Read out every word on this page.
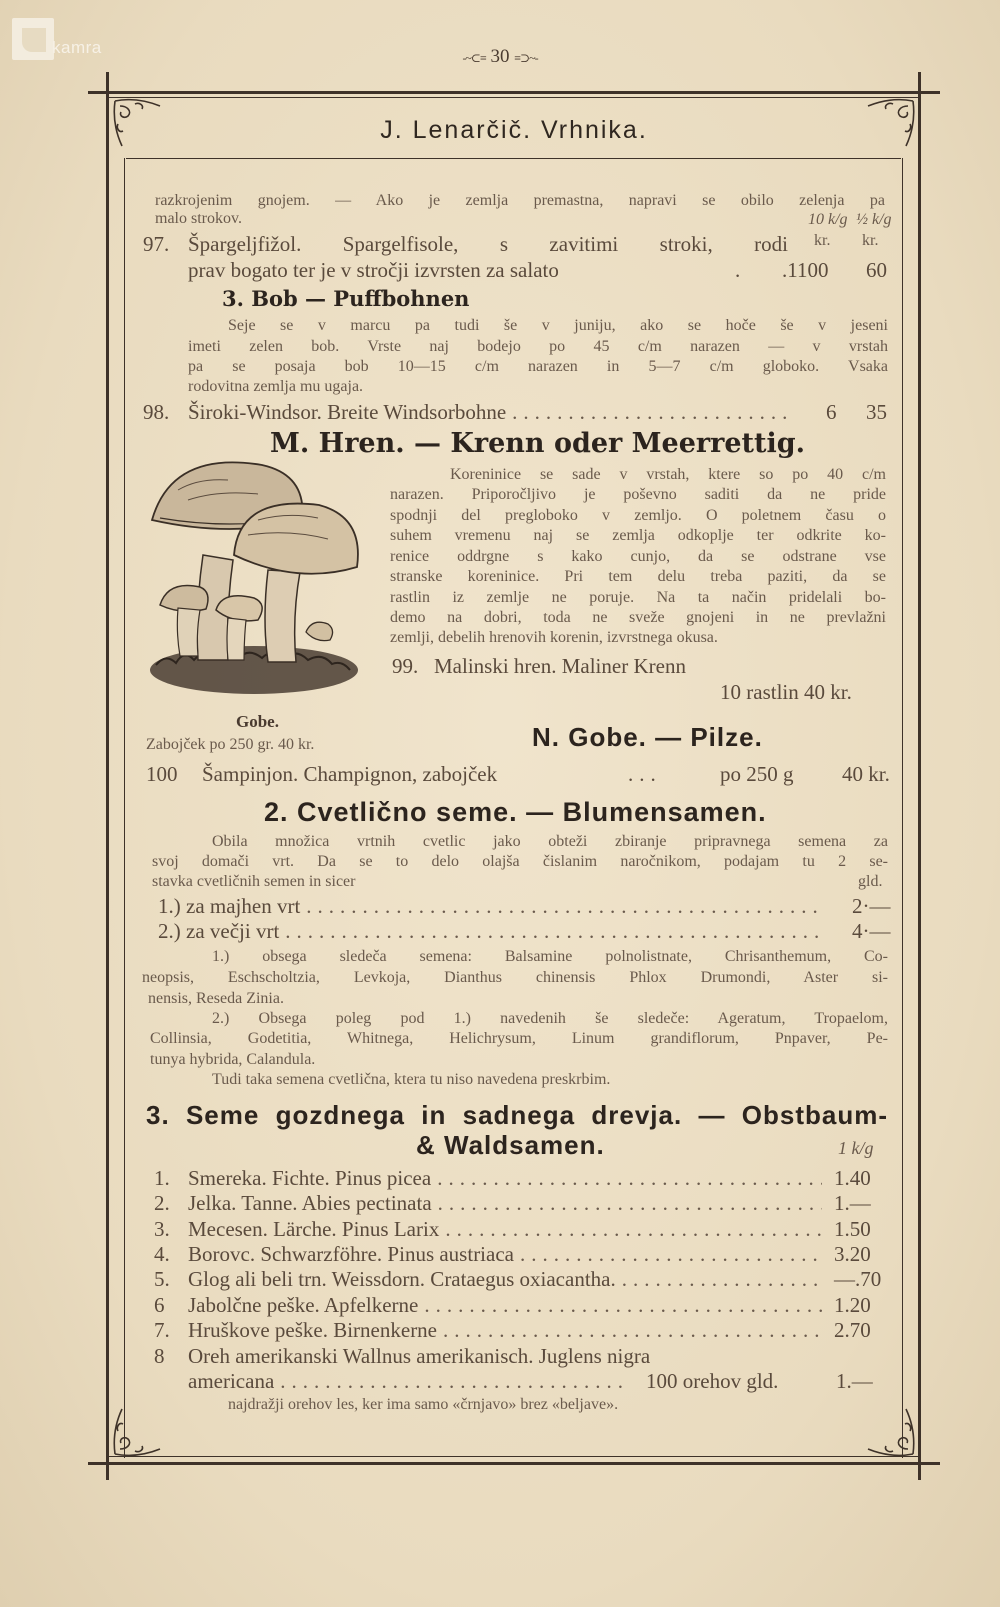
kamra
-~⊂≡ 30 ≡⊃~-
J. Lenarčič. Vrhnika.
razkrojenim gnojem. — Ako je zemlja premastna, napravi se obilo zelenja pa
malo strokov.	10 k/g ½ k/g
kr. kr.
97. Špargeljfižol. Spargelfisole, s zavitimi stroki, rodi
prav bogato ter je v stročji izvrsten za salato	. .1100 60
3. Bob — Puffbohnen
Seje se v marcu pa tudi še v juniju, ako se hoče še v jeseni
imeti zelen bob. Vrste naj bodejo po 45 c/m narazen — v vrstah
pa se posaja bob 10—15 c/m narazen in 5—7 c/m globoko. Vsaka
rodovitna zemlja mu ugaja.
98. Široki-Windsor. Breite Windsorbohne .....	6 35
M. Hren. — Krenn oder Meerrettig.
Koreninice se sade v vrstah, ktere so po 40 c/m
narazen. Priporočljivo je poševno saditi da ne pride
spodnji del pregloboko v zemljo. O poletnem času o
suhem vremenu naj se zemlja odkoplje ter odkrite ko-
renice oddrgne s kako cunjo, da se odstrane vse
stranske koreninice. Pri tem delu treba paziti, da se
rastlin iz zemlje ne poruje. Na ta način pridelali bo-
demo na dobri, toda ne sveže gnojeni in ne prevlažni
zemlji, debelih hrenovih korenin, izvrstnega okusa.
99. Malinski hren. Maliner Krenn
10 rastlin 40 kr.
Gobe.
Zabojček po 250 gr. 40 kr.	N. Gobe. — Pilze.
100 Šampinjon. Champignon, zabojček	...	po 250 g 40 kr.
2. Cvetlično seme. — Blumensamen.
Obila množica vrtnih cvetlic jako obteži zbiranje pripravnega semena za
svoj domači vrt. Da se to delo olajša čislanim naročnikom, podajam tu 2 se-
stavka cvetličnih semen in sicer	gld.
1.) za majhen vrt .....	2·—
2.) za večji vrt .....	4·—
1.) obsega sledeča semena: Balsamine polnolistnate, Chrisanthemum, Co-
neopsis, Eschscholtzia, Levkoja, Dianthus chinensis Phlox Drumondi, Aster si-
nensis, Reseda Zinia.
2.) Obsega poleg pod 1.) navedenih še sledeče: Ageratum, Tropaelom,
Collinsia, Godetitia, Whitnega, Helichrysum, Linum grandiflorum, Pnpaver, Pe-
tunya hybrida, Calandula.
Tudi taka semena cvetlična, ktera tu niso navedena preskrbim.
3. Seme gozdnega in sadnega drevja. — Obstbaum-
& Waldsamen.	1 k/g
1. Smereka. Fichte. Pinus picea .....	1.40
2. Jelka. Tanne. Abies pectinata .....	1.—
3. Mecesen. Lärche. Pinus Larix .....	1.50
4. Borovc. Schwarzföhre. Pinus austriaca .....	3.20
5. Glog ali beli trn. Weissdorn. Crataegus oxiacantha. .....	—.70
6 Jabolčne peške. Apfelkerne .....	1.20
7. Hruškove peške. Birnenkerne .....	2.70
8 Oreh amerikanski Wallnus amerikanisch. Juglens nigra
americana .....	100 orehov gld.	1.—
najdražji orehov les, ker ima samo «črnjavo» brez «beljave».
